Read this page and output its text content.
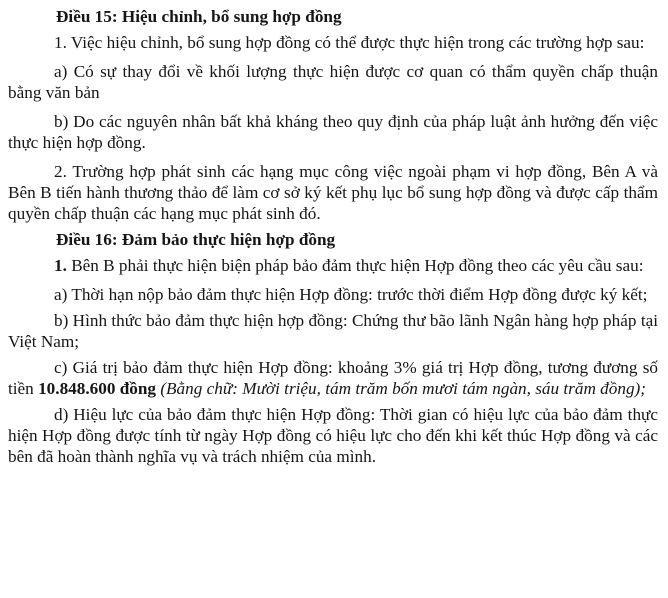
Điều 15: Hiệu chỉnh, bổ sung hợp đồng
1. Việc hiệu chỉnh, bổ sung hợp đồng có thể được thực hiện trong các trường hợp sau:
a) Có sự thay đổi về khối lượng thực hiện được cơ quan có thẩm quyền chấp thuận bằng văn bản
b) Do các nguyên nhân bất khả kháng theo quy định của pháp luật ảnh hưởng đến việc thực hiện hợp đồng.
2. Trường hợp phát sinh các hạng mục công việc ngoài phạm vi hợp đồng, Bên A và Bên B tiến hành thương thảo để làm cơ sở ký kết phụ lục bổ sung hợp đồng và được cấp thẩm quyền chấp thuận các hạng mục phát sinh đó.
Điều 16: Đảm bảo thực hiện hợp đồng
1. Bên B phải thực hiện biện pháp bảo đảm thực hiện Hợp đồng theo các yêu cầu sau:
a) Thời hạn nộp bảo đảm thực hiện Hợp đồng: trước thời điểm Hợp đồng được ký kết;
b) Hình thức bảo đảm thực hiện hợp đồng: Chứng thư bão lãnh Ngân hàng hợp pháp tại Việt Nam;
c) Giá trị bảo đảm thực hiện Hợp đồng: khoảng 3% giá trị Hợp đồng, tương đương số tiền 10.848.600 đồng (Bằng chữ: Mười triệu, tám trăm bốn mươi tám ngàn, sáu trăm đồng);
d) Hiệu lực của bảo đảm thực hiện Hợp đồng: Thời gian có hiệu lực của bảo đảm thực hiện Hợp đồng được tính từ ngày Hợp đồng có hiệu lực cho đến khi kết thúc Hợp đồng và các bên đã hoàn thành nghĩa vụ và trách nhiệm của mình.
